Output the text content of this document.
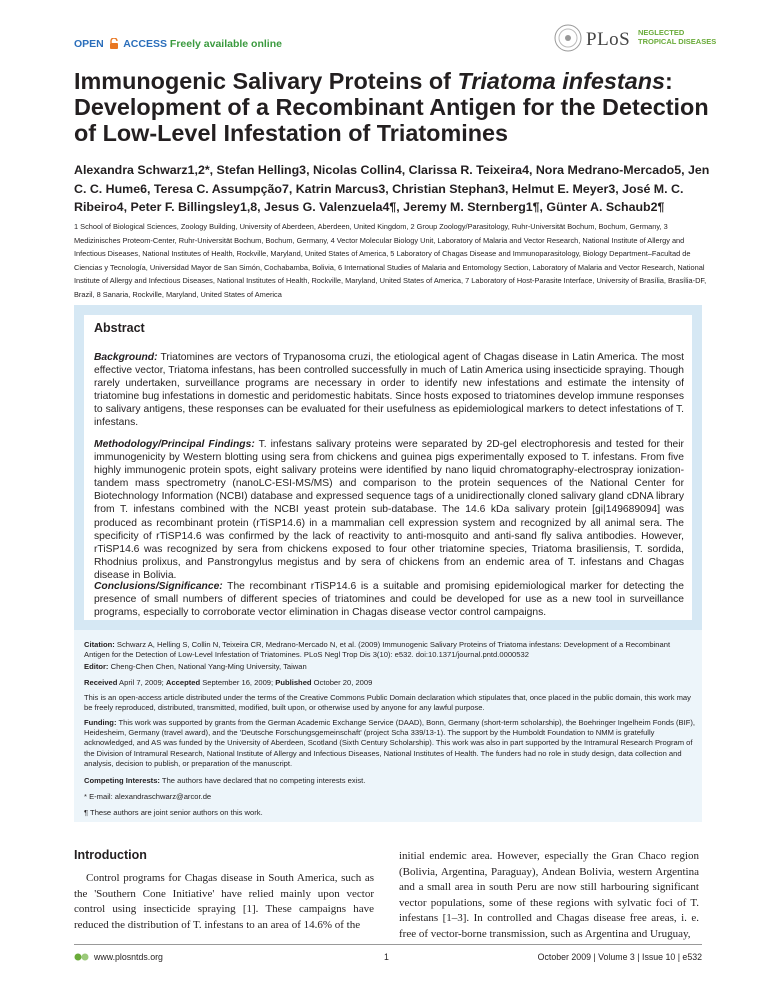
OPEN ACCESS Freely available online	PLoS NEGLECTED
TROPICAL DISEASES
Immunogenic Salivary Proteins of Triatoma infestans: Development of a Recombinant Antigen for the Detection of Low-Level Infestation of Triatomines

Alexandra Schwarz1,2*, Stefan Helling3, Nicolas Collin4, Clarissa R. Teixeira4, Nora Medrano-Mercado5, Jen C. C. Hume6, Teresa C. Assumpção7, Katrin Marcus3, Christian Stephan3, Helmut E. Meyer3, José M. C. Ribeiro4, Peter F. Billingsley1,8, Jesus G. Valenzuela4¶, Jeremy M. Sternberg1¶, Günter A. Schaub2¶

1 School of Biological Sciences, Zoology Building, University of Aberdeen, Aberdeen, United Kingdom, 2 Group Zoology/Parasitology, Ruhr-Universität Bochum, Bochum, Germany, 3 Medizinisches Proteom-Center, Ruhr-Universität Bochum, Bochum, Germany, 4 Vector Molecular Biology Unit, Laboratory of Malaria and Vector Research, National Institute of Allergy and Infectious Diseases, National Institutes of Health, Rockville, Maryland, United States of America, 5 Laboratory of Chagas Disease and Immunoparasitology, Biology Department–Facultad de Ciencias y Tecnología, Universidad Mayor de San Simón, Cochabamba, Bolivia, 6 International Studies of Malaria and Entomology Section, Laboratory of Malaria and Vector Research, National Institute of Allergy and Infectious Diseases, National Institutes of Health, Rockville, Maryland, United States of America, 7 Laboratory of Host-Parasite Interface, University of Brasília, Brasília-DF, Brazil, 8 Sanaria, Rockville, Maryland, United States of America

Abstract

Background: Triatomines are vectors of Trypanosoma cruzi, the etiological agent of Chagas disease in Latin America. The most effective vector, Triatoma infestans, has been controlled successfully in much of Latin America using insecticide spraying. Though rarely undertaken, surveillance programs are necessary in order to identify new infestations and estimate the intensity of triatomine bug infestations in domestic and peridomestic habitats. Since hosts exposed to triatomines develop immune responses to salivary antigens, these responses can be evaluated for their usefulness as epidemiological markers to detect infestations of T. infestans.

Methodology/Principal Findings: T. infestans salivary proteins were separated by 2D-gel electrophoresis and tested for their immunogenicity by Western blotting using sera from chickens and guinea pigs experimentally exposed to T. infestans. From five highly immunogenic protein spots, eight salivary proteins were identified by nano liquid chromatography-electrospray ionization-tandem mass spectrometry (nanoLC-ESI-MS/MS) and comparison to the protein sequences of the National Center for Biotechnology Information (NCBI) database and expressed sequence tags of a unidirectionally cloned salivary gland cDNA library from T. infestans combined with the NCBI yeast protein sub-database. The 14.6 kDa salivary protein [gi|149689094] was produced as recombinant protein (rTiSP14.6) in a mammalian cell expression system and recognized by all animal sera. The specificity of rTiSP14.6 was confirmed by the lack of reactivity to anti-mosquito and anti-sand fly saliva antibodies. However, rTiSP14.6 was recognized by sera from chickens exposed to four other triatomine species, Triatoma brasiliensis, T. sordida, Rhodnius prolixus, and Panstrongylus megistus and by sera of chickens from an endemic area of T. infestans and Chagas disease in Bolivia.

Conclusions/Significance: The recombinant rTiSP14.6 is a suitable and promising epidemiological marker for detecting the presence of small numbers of different species of triatomines and could be developed for use as a new tool in surveillance programs, especially to corroborate vector elimination in Chagas disease vector control campaigns.

Citation: Schwarz A, Helling S, Collin N, Teixeira CR, Medrano-Mercado N, et al. (2009) Immunogenic Salivary Proteins of Triatoma infestans: Development of a Recombinant Antigen for the Detection of Low-Level Infestation of Triatomines. PLoS Negl Trop Dis 3(10): e532. doi:10.1371/journal.pntd.0000532

Editor: Cheng-Chen Chen, National Yang-Ming University, Taiwan

Received April 7, 2009; Accepted September 16, 2009; Published October 20, 2009

This is an open-access article distributed under the terms of the Creative Commons Public Domain declaration which stipulates that, once placed in the public domain, this work may be freely reproduced, distributed, transmitted, modified, built upon, or otherwise used by anyone for any lawful purpose.

Funding: This work was supported by grants from the German Academic Exchange Service (DAAD), Bonn, Germany (short-term scholarship), the Boehringer Ingelheim Fonds (BIF), Heidesheim, Germany (travel award), and the 'Deutsche Forschungsgemeinschaft' (project Scha 339/13-1). The support by the Humboldt Foundation to NMM is gratefully acknowledged, and AS was funded by the University of Aberdeen, Scotland (Sixth Century Scholarship). This work was also in part supported by the Intramural Research Program of the Division of Intramural Research, National Institute of Allergy and Infectious Diseases, National Institutes of Health. The funders had no role in study design, data collection and analysis, decision to publish, or preparation of the manuscript.

Competing Interests: The authors have declared that no competing interests exist.

* E-mail: alexandraschwarz@arcor.de

¶ These authors are joint senior authors on this work.

Introduction

Control programs for Chagas disease in South America, such as the 'Southern Cone Initiative' have relied mainly upon vector control using insecticide spraying [1]. These campaigns have reduced the distribution of T. infestans to an area of 14.6% of the

initial endemic area. However, especially the Gran Chaco region (Bolivia, Argentina, Paraguay), Andean Bolivia, western Argentina and a small area in south Peru are now still harbouring significant vector populations, some of these regions with sylvatic foci of T. infestans [1–3]. In controlled and Chagas disease free areas, i. e. free of vector-borne transmission, such as Argentina and Uruguay,

www.plosntds.org	1	October 2009 | Volume 3 | Issue 10 | e532
